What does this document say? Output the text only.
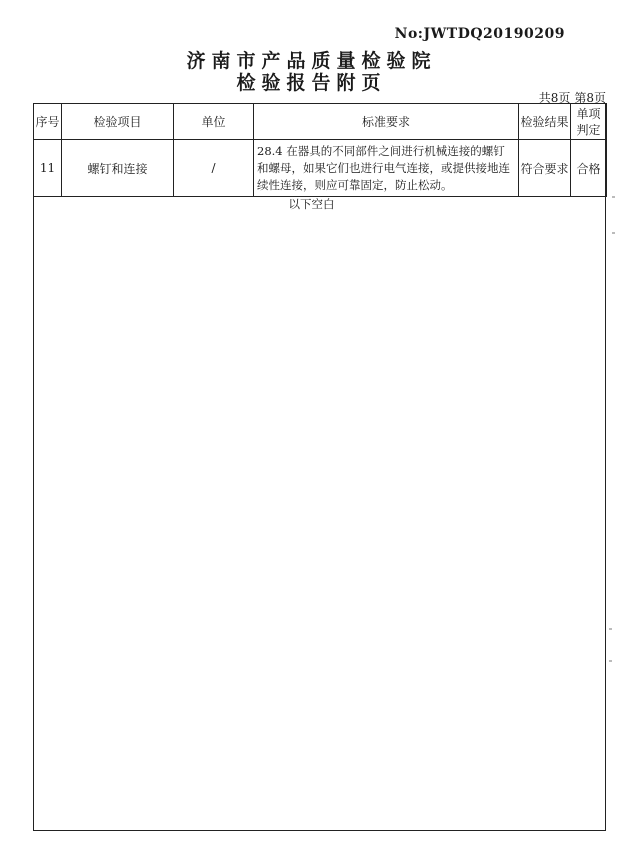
No:JWTDQ20190209
济南市产品质量检验院
检验报告附页
共8页 第8页
序号	检验项目	单位	标准要求	检验结果	单项判定
11	螺钉和连接	/	28.4 在器具的不同部件之间进行机械连接的螺钉和螺母，如果它们也进行电气连接，或提供接地连续性连接，则应可靠固定，防止松动。	符合要求	合格
以下空白
